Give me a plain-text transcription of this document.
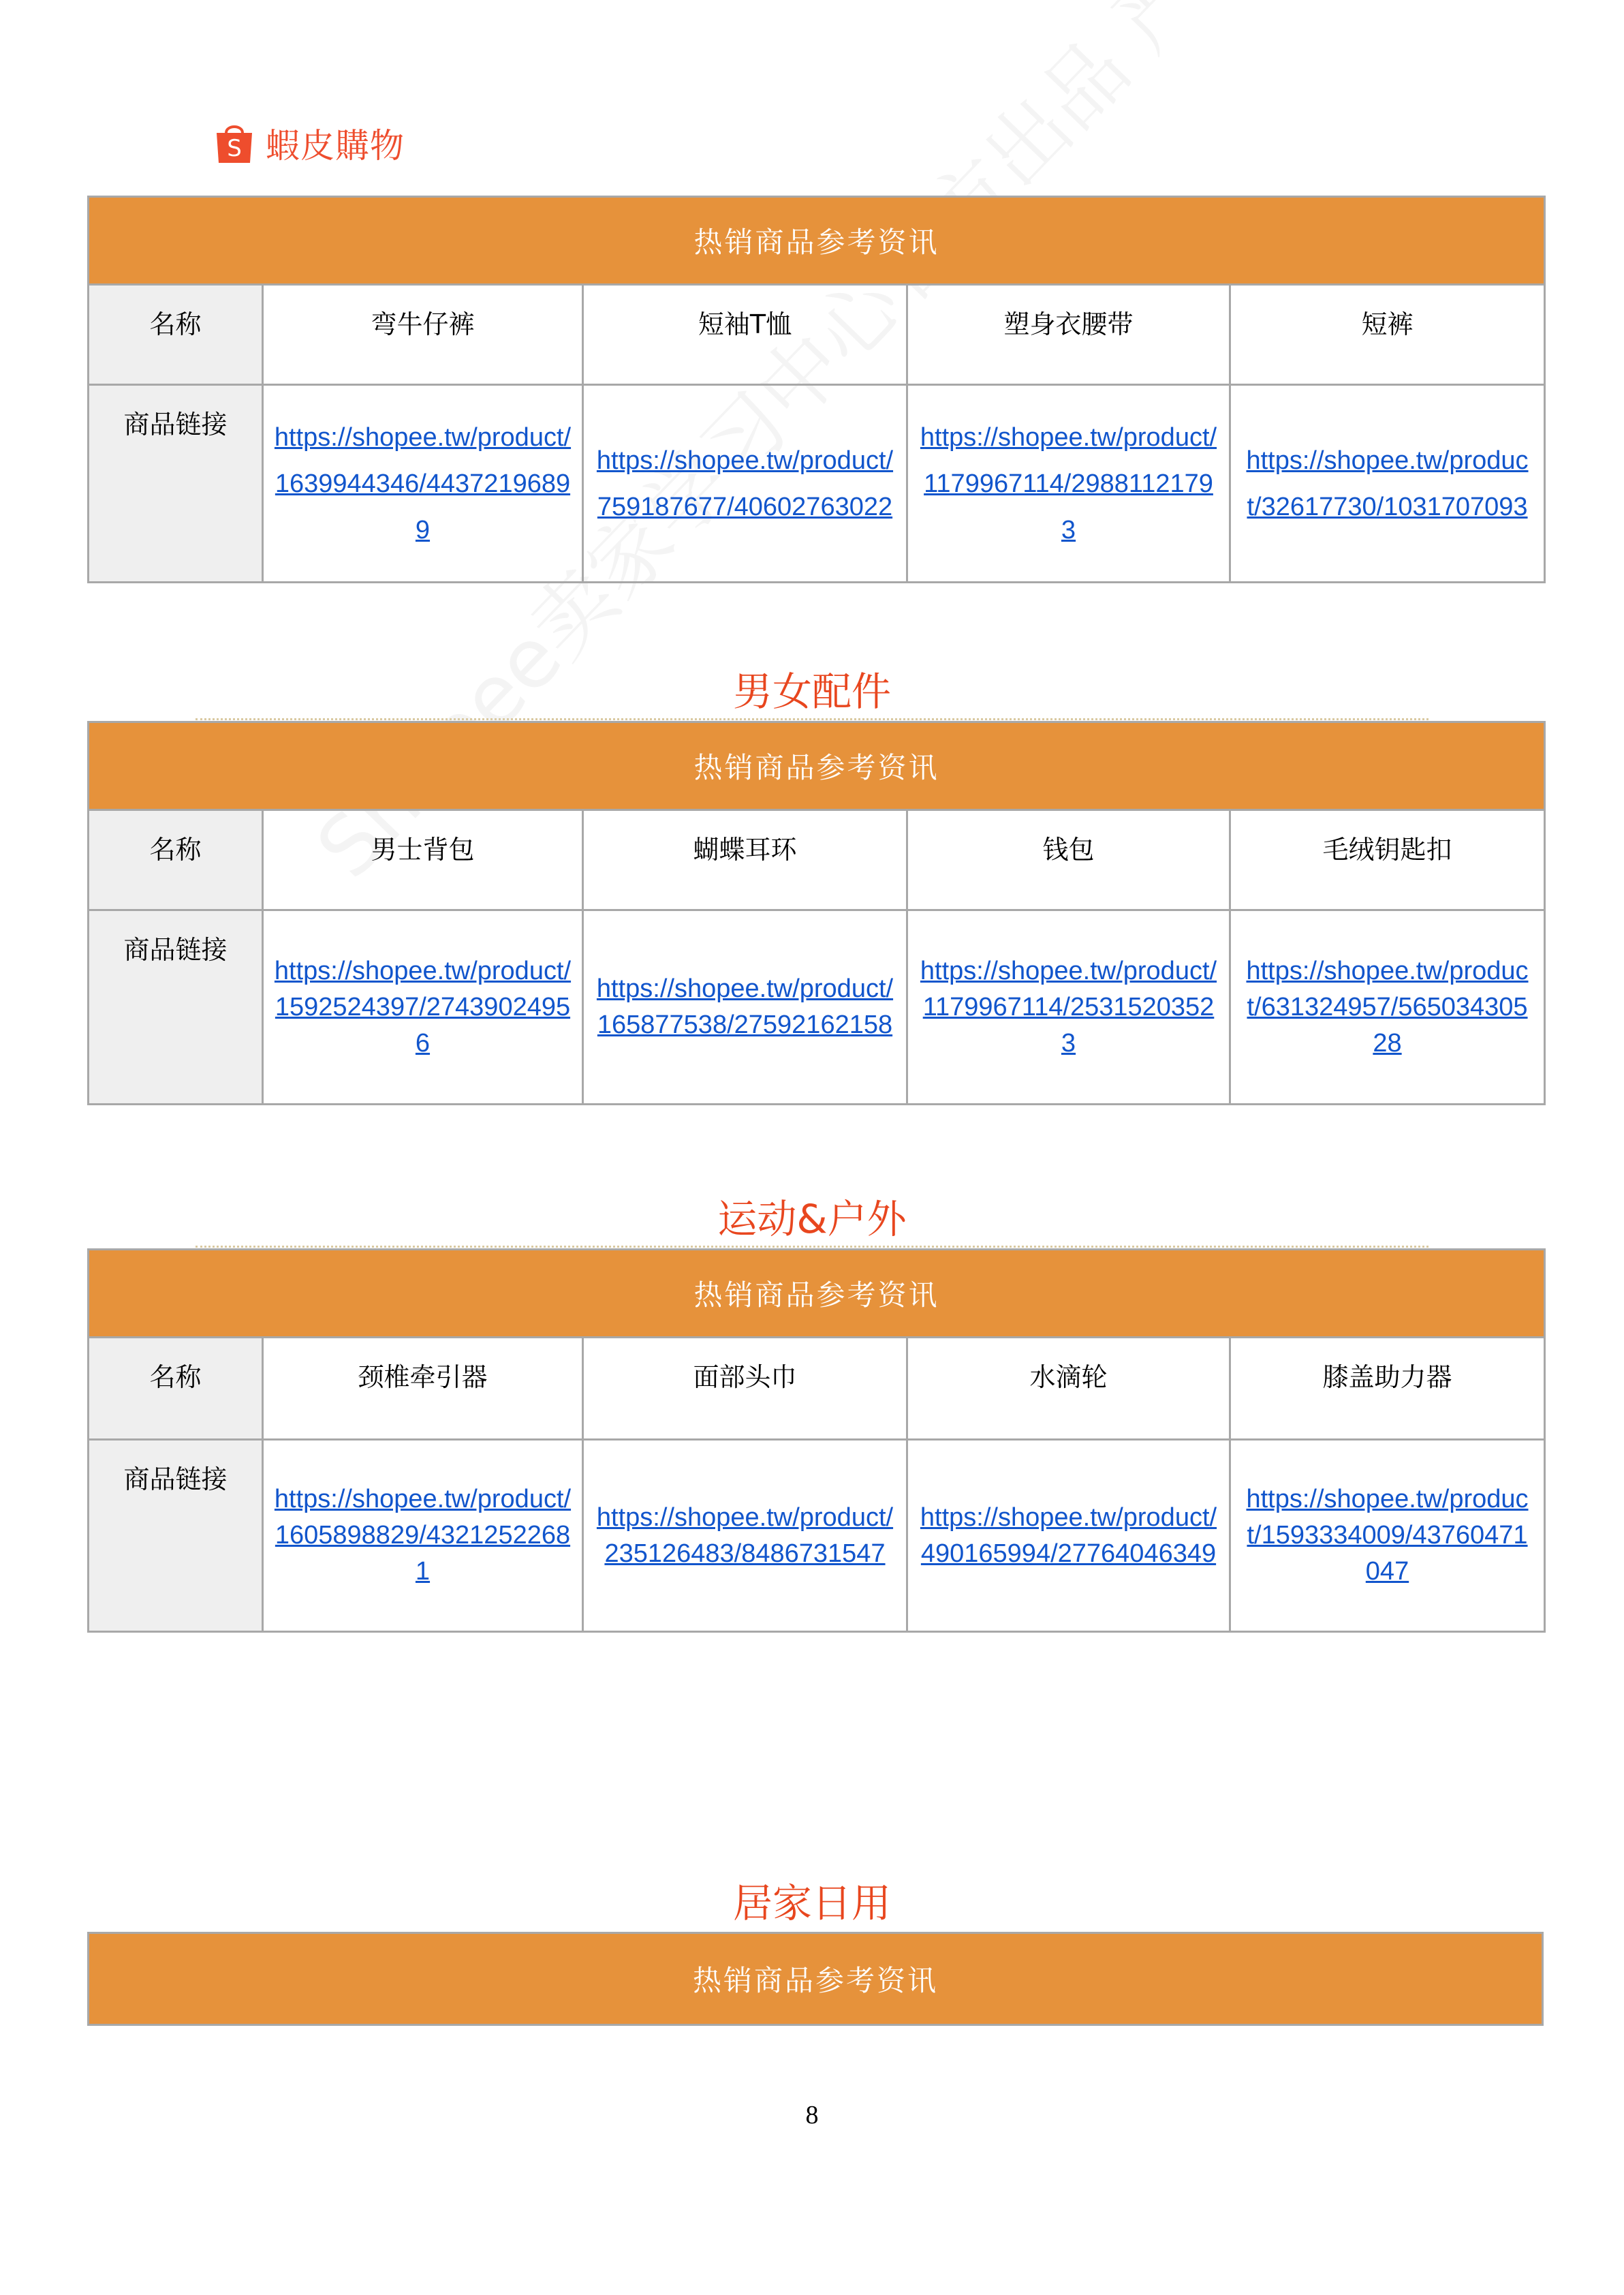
S 蝦皮購物
热销商品参考资讯				

名称	弯牛仔裤	短袖T恤	塑身衣腰带	短裤

商品链接	https://shopee.tw/product/1639944346/44372196899	https://shopee.tw/product/759187677/40602763022	https://shopee.tw/product/1179967114/29881121793	https://shopee.tw/product/32617730/1031707093
男女配件
热销商品参考资讯				

名称	男士背包	蝴蝶耳环	钱包	毛绒钥匙扣

商品链接	https://shopee.tw/product/1592524397/27439024956	https://shopee.tw/product/165877538/27592162158	https://shopee.tw/product/1179967114/25315203523	https://shopee.tw/product/631324957/56503430528
运动&户外
热销商品参考资讯				

名称	颈椎牵引器	面部头巾	水滴轮	膝盖助力器

商品链接	https://shopee.tw/product/1605898829/43212522681	https://shopee.tw/product/235126483/8486731547	https://shopee.tw/product/490165994/27764046349	https://shopee.tw/product/1593334009/43760471047
居家日用
热销商品参考资讯
8
